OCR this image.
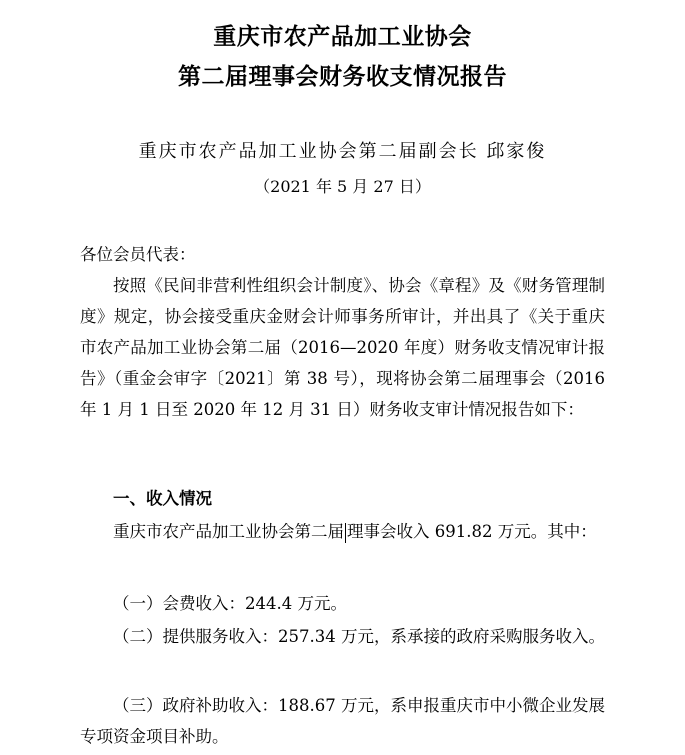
重庆市农产品加工业协会
第二届理事会财务收支情况报告
重庆市农产品加工业协会第二届副会长 邱家俊
（2021 年 5 月 27 日）
各位会员代表：
按照《民间非营利性组织会计制度》、协会《章程》及《财务管理制度》规定，协会接受重庆金财会计师事务所审计，并出具了《关于重庆市农产品加工业协会第二届（2016—2020 年度）财务收支情况审计报告》（重金会审字〔2021〕第 38 号），现将协会第二届理事会（2016 年 1 月 1 日至 2020 年 12 月 31 日）财务收支审计情况报告如下：
一、收入情况
重庆市农产品加工业协会第二届 理事会收入 691.82 万元。其中：
（一）会费收入：244.4 万元。
（二）提供服务收入：257.34 万元，系承接的政府采购服务收入。
（三）政府补助收入：188.67 万元，系申报重庆市中小微企业发展专项资金项目补助。
